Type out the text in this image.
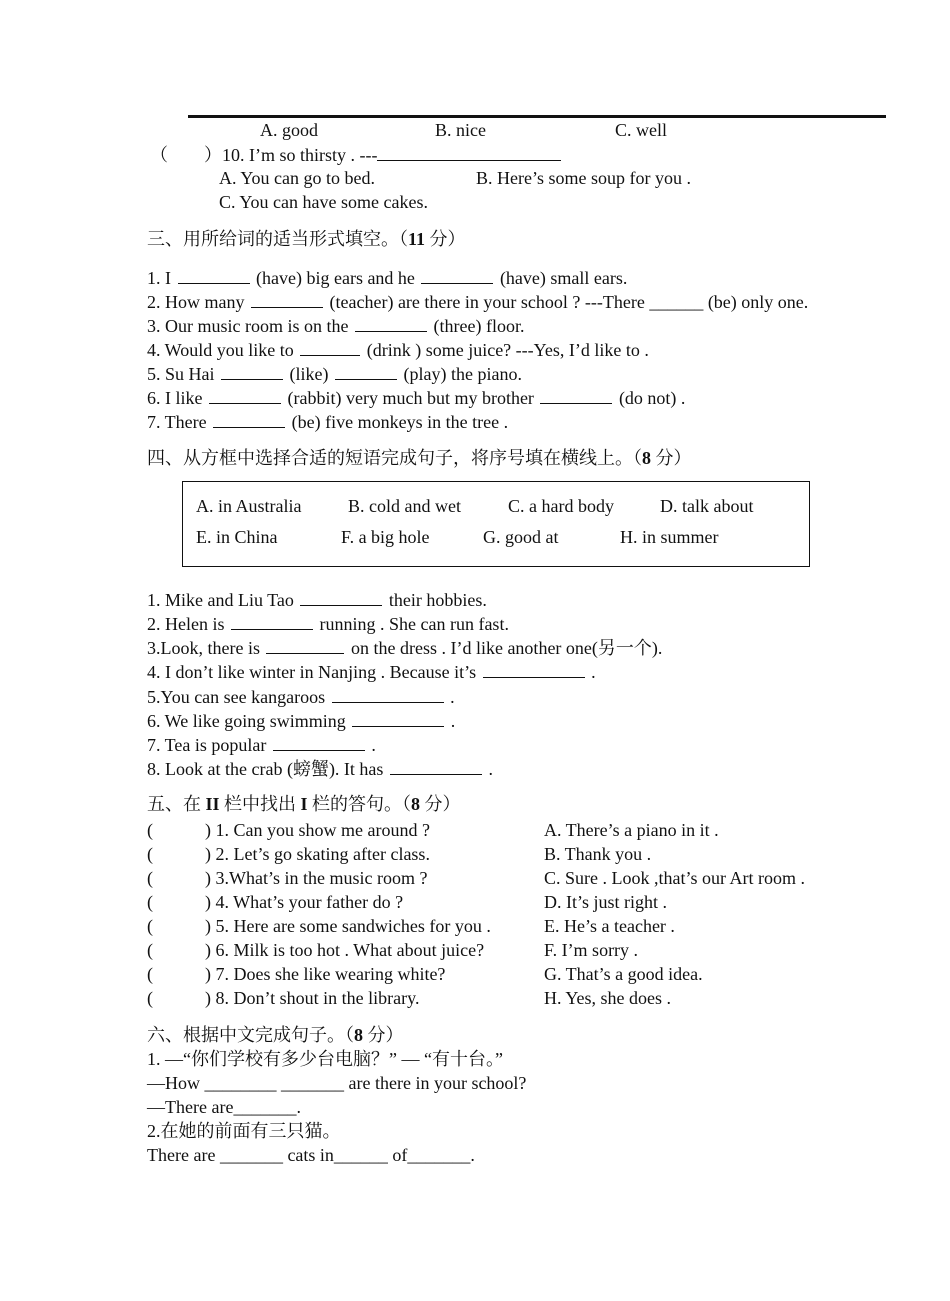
A. good	B. nice	C. well
（　　）10. I’m so thirsty . ---
A. You can go to bed.	B. Here’s some soup for you .
C. You can have some cakes.
三、用所给词的适当形式填空。（11 分）
1. I	(have) big ears and he	(have) small ears.
2. How many	(teacher) are there in your school ? ---There ______ (be) only one.
3. Our music room is on the	(three) floor.
4. Would you like to	(drink ) some juice? ---Yes, I’d like to .
5. Su Hai	(like)	(play) the piano.
6. I like	(rabbit) very much but my brother	(do not) .
7. There	(be) five monkeys in the tree .
四、从方框中选择合适的短语完成句子，将序号填在横线上。（8 分）
A. in Australia	B. cold and wet	C. a hard body	D. talk about
E. in China	F. a big hole	G. good at	H. in summer
1. Mike and Liu Tao	their hobbies.
2. Helen is	running . She can run fast.
3.Look, there is	on the dress . I’d like another one(另一个).
4. I don’t like winter in Nanjing . Because it’s	.
5.You can see kangaroos	.
6. We like going swimming	.
7. Tea is popular	.
8. Look at the crab (螃蟹). It has	.
五、在 II 栏中找出 I 栏的答句。（8 分）
(	) 1. Can you show me around ?	A. There’s a piano in it .
(	) 2. Let’s go skating after class.	B. Thank you .
(	) 3.What’s in the music room ?	C. Sure . Look ,that’s our Art room .
(	) 4. What’s your father do ?	D. It’s just right .
(	) 5. Here are some sandwiches for you .	E. He’s a teacher .
(	) 6. Milk is too hot . What about juice?	F. I’m sorry .
(	) 7. Does she like wearing white?	G. That’s a good idea.
(	) 8. Don’t shout in the library.	H. Yes, she does .
六、根据中文完成句子。（8 分）
1. —“你们学校有多少台电脑？” — “有十台。”
—How ________ _______ are there in your school?
—There are_______.
2.在她的前面有三只猫。
There are _______ cats in______ of_______.
